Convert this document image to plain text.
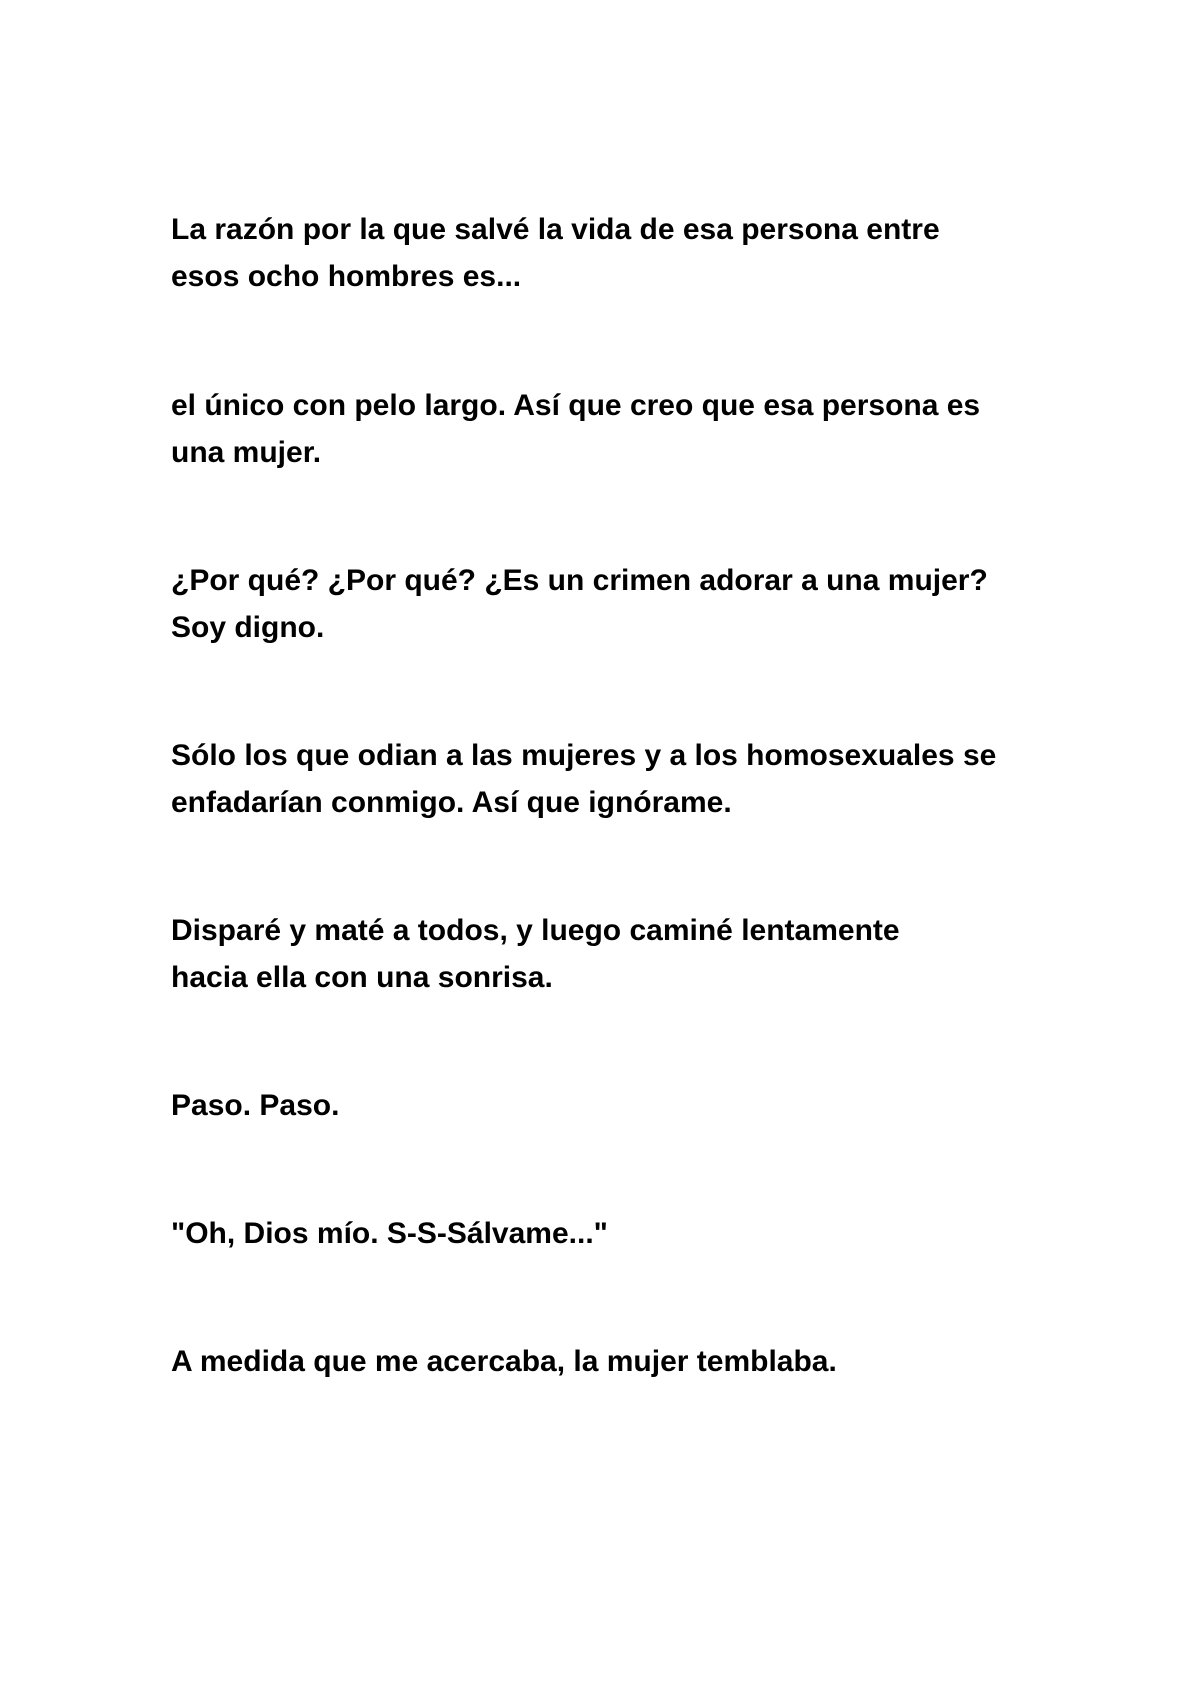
La razón por la que salvé la vida de esa persona entre
esos ocho hombres es...

el único con pelo largo. Así que creo que esa persona es
una mujer.

¿Por qué? ¿Por qué? ¿Es un crimen adorar a una mujer?
Soy digno.

Sólo los que odian a las mujeres y a los homosexuales se
enfadarían conmigo. Así que ignórame.

Disparé y maté a todos, y luego caminé lentamente
hacia ella con una sonrisa.

Paso. Paso.

"Oh, Dios mío. S-S-Sálvame..."

A medida que me acercaba, la mujer temblaba.
